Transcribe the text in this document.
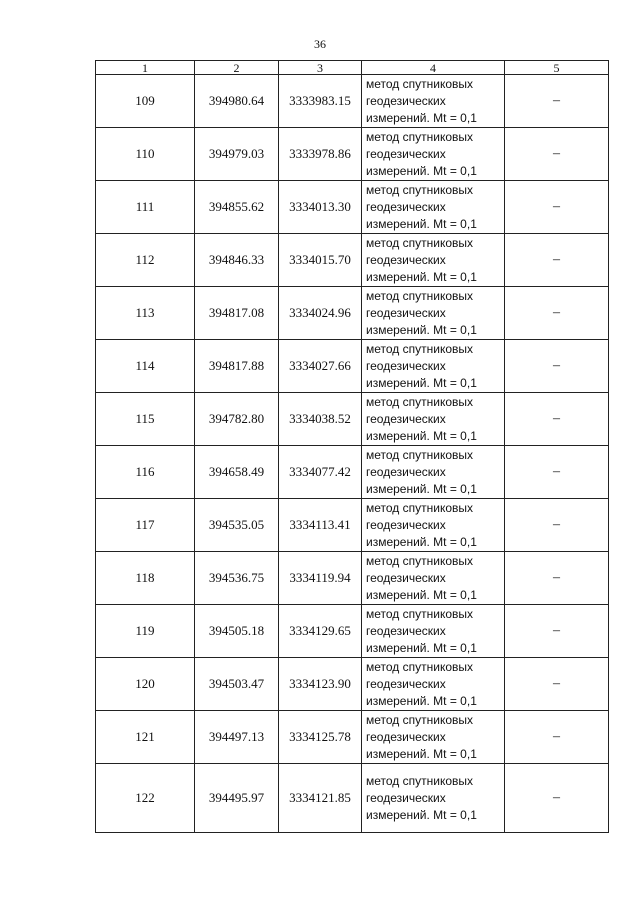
36
1	2	3	4	5
109	394980.64	3333983.15	метод спутниковых
геодезических
измерений. Mt = 0,1	–
110	394979.03	3333978.86	метод спутниковых
геодезических
измерений. Mt = 0,1	–
111	394855.62	3334013.30	метод спутниковых
геодезических
измерений. Mt = 0,1	–
112	394846.33	3334015.70	метод спутниковых
геодезических
измерений. Mt = 0,1	–
113	394817.08	3334024.96	метод спутниковых
геодезических
измерений. Mt = 0,1	–
114	394817.88	3334027.66	метод спутниковых
геодезических
измерений. Mt = 0,1	–
115	394782.80	3334038.52	метод спутниковых
геодезических
измерений. Mt = 0,1	–
116	394658.49	3334077.42	метод спутниковых
геодезических
измерений. Mt = 0,1	–
117	394535.05	3334113.41	метод спутниковых
геодезических
измерений. Mt = 0,1	–
118	394536.75	3334119.94	метод спутниковых
геодезических
измерений. Mt = 0,1	–
119	394505.18	3334129.65	метод спутниковых
геодезических
измерений. Mt = 0,1	–
120	394503.47	3334123.90	метод спутниковых
геодезических
измерений. Mt = 0,1	–
121	394497.13	3334125.78	метод спутниковых
геодезических
измерений. Mt = 0,1	–
122	394495.97	3334121.85	метод спутниковых
геодезических
измерений. Mt = 0,1	–
